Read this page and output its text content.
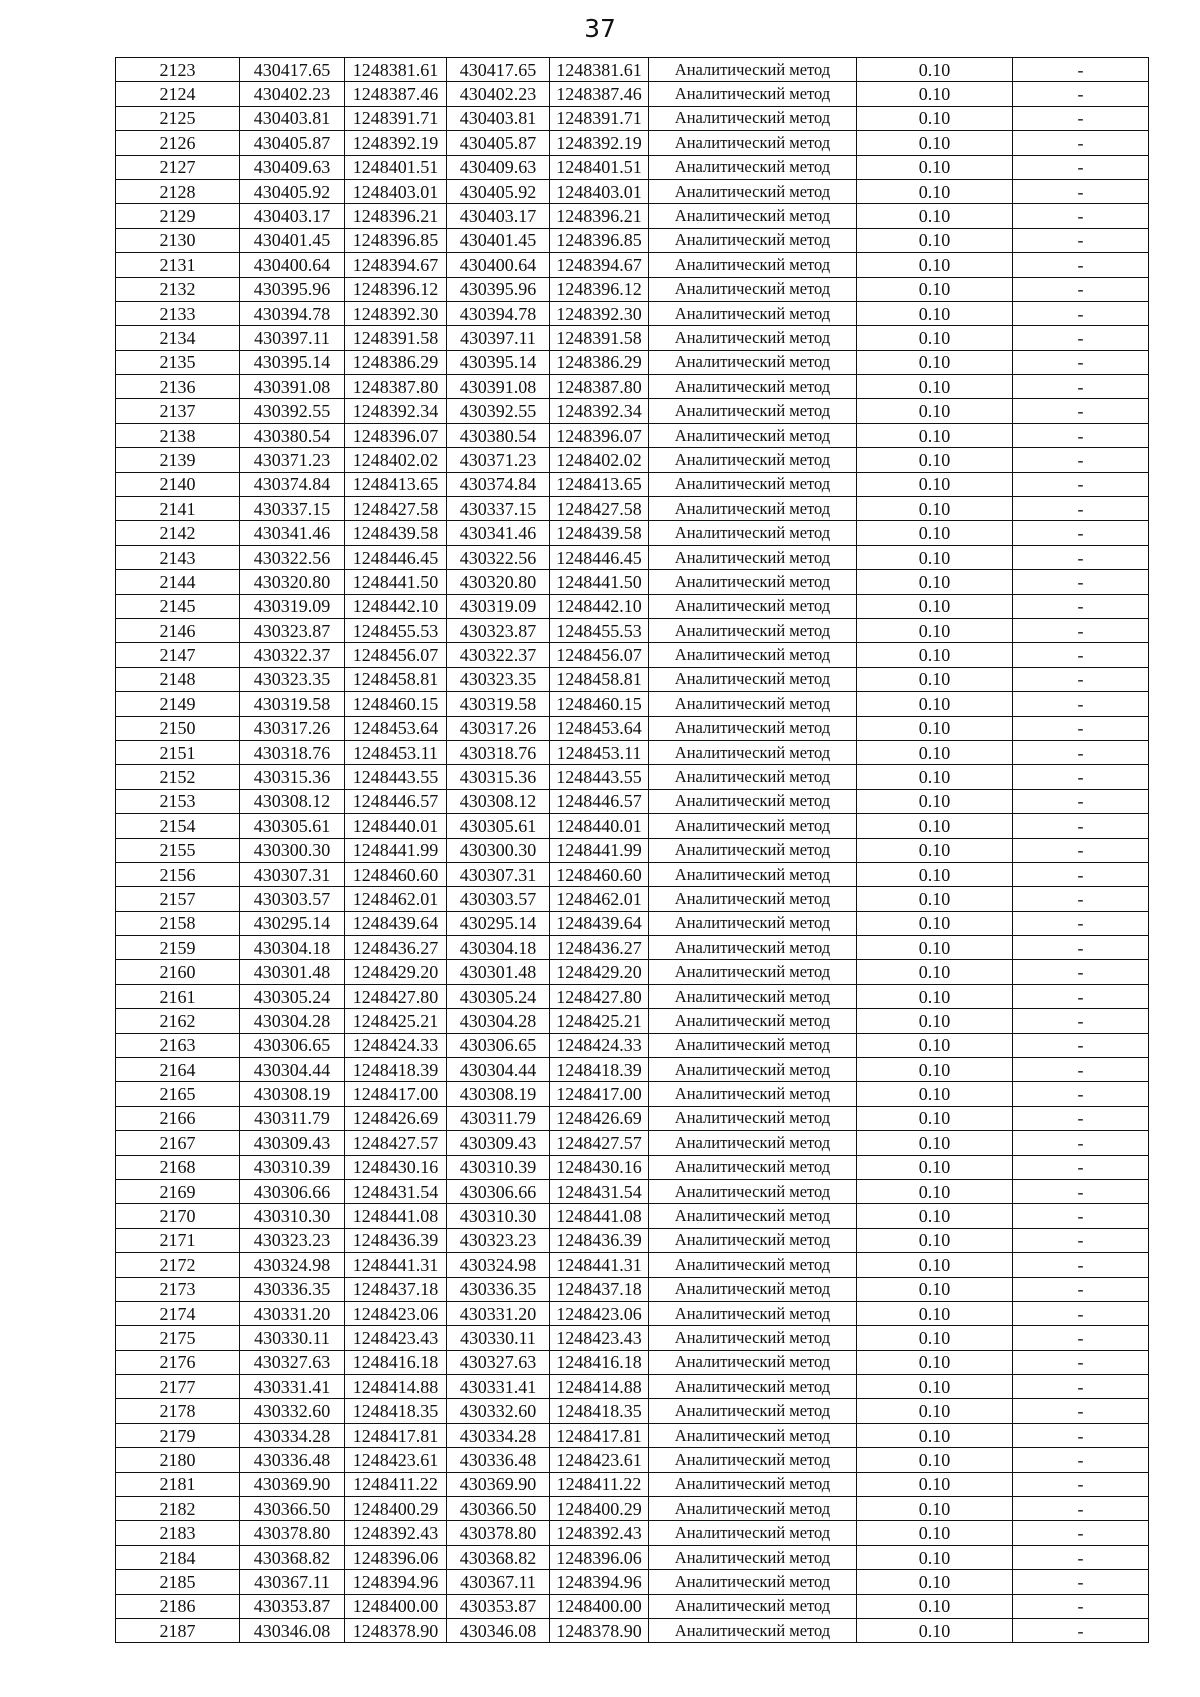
37
2123	430417.65	1248381.61	430417.65	1248381.61	Аналитический метод	0.10	-
2124	430402.23	1248387.46	430402.23	1248387.46	Аналитический метод	0.10	-
2125	430403.81	1248391.71	430403.81	1248391.71	Аналитический метод	0.10	-
2126	430405.87	1248392.19	430405.87	1248392.19	Аналитический метод	0.10	-
2127	430409.63	1248401.51	430409.63	1248401.51	Аналитический метод	0.10	-
2128	430405.92	1248403.01	430405.92	1248403.01	Аналитический метод	0.10	-
2129	430403.17	1248396.21	430403.17	1248396.21	Аналитический метод	0.10	-
2130	430401.45	1248396.85	430401.45	1248396.85	Аналитический метод	0.10	-
2131	430400.64	1248394.67	430400.64	1248394.67	Аналитический метод	0.10	-
2132	430395.96	1248396.12	430395.96	1248396.12	Аналитический метод	0.10	-
2133	430394.78	1248392.30	430394.78	1248392.30	Аналитический метод	0.10	-
2134	430397.11	1248391.58	430397.11	1248391.58	Аналитический метод	0.10	-
2135	430395.14	1248386.29	430395.14	1248386.29	Аналитический метод	0.10	-
2136	430391.08	1248387.80	430391.08	1248387.80	Аналитический метод	0.10	-
2137	430392.55	1248392.34	430392.55	1248392.34	Аналитический метод	0.10	-
2138	430380.54	1248396.07	430380.54	1248396.07	Аналитический метод	0.10	-
2139	430371.23	1248402.02	430371.23	1248402.02	Аналитический метод	0.10	-
2140	430374.84	1248413.65	430374.84	1248413.65	Аналитический метод	0.10	-
2141	430337.15	1248427.58	430337.15	1248427.58	Аналитический метод	0.10	-
2142	430341.46	1248439.58	430341.46	1248439.58	Аналитический метод	0.10	-
2143	430322.56	1248446.45	430322.56	1248446.45	Аналитический метод	0.10	-
2144	430320.80	1248441.50	430320.80	1248441.50	Аналитический метод	0.10	-
2145	430319.09	1248442.10	430319.09	1248442.10	Аналитический метод	0.10	-
2146	430323.87	1248455.53	430323.87	1248455.53	Аналитический метод	0.10	-
2147	430322.37	1248456.07	430322.37	1248456.07	Аналитический метод	0.10	-
2148	430323.35	1248458.81	430323.35	1248458.81	Аналитический метод	0.10	-
2149	430319.58	1248460.15	430319.58	1248460.15	Аналитический метод	0.10	-
2150	430317.26	1248453.64	430317.26	1248453.64	Аналитический метод	0.10	-
2151	430318.76	1248453.11	430318.76	1248453.11	Аналитический метод	0.10	-
2152	430315.36	1248443.55	430315.36	1248443.55	Аналитический метод	0.10	-
2153	430308.12	1248446.57	430308.12	1248446.57	Аналитический метод	0.10	-
2154	430305.61	1248440.01	430305.61	1248440.01	Аналитический метод	0.10	-
2155	430300.30	1248441.99	430300.30	1248441.99	Аналитический метод	0.10	-
2156	430307.31	1248460.60	430307.31	1248460.60	Аналитический метод	0.10	-
2157	430303.57	1248462.01	430303.57	1248462.01	Аналитический метод	0.10	-
2158	430295.14	1248439.64	430295.14	1248439.64	Аналитический метод	0.10	-
2159	430304.18	1248436.27	430304.18	1248436.27	Аналитический метод	0.10	-
2160	430301.48	1248429.20	430301.48	1248429.20	Аналитический метод	0.10	-
2161	430305.24	1248427.80	430305.24	1248427.80	Аналитический метод	0.10	-
2162	430304.28	1248425.21	430304.28	1248425.21	Аналитический метод	0.10	-
2163	430306.65	1248424.33	430306.65	1248424.33	Аналитический метод	0.10	-
2164	430304.44	1248418.39	430304.44	1248418.39	Аналитический метод	0.10	-
2165	430308.19	1248417.00	430308.19	1248417.00	Аналитический метод	0.10	-
2166	430311.79	1248426.69	430311.79	1248426.69	Аналитический метод	0.10	-
2167	430309.43	1248427.57	430309.43	1248427.57	Аналитический метод	0.10	-
2168	430310.39	1248430.16	430310.39	1248430.16	Аналитический метод	0.10	-
2169	430306.66	1248431.54	430306.66	1248431.54	Аналитический метод	0.10	-
2170	430310.30	1248441.08	430310.30	1248441.08	Аналитический метод	0.10	-
2171	430323.23	1248436.39	430323.23	1248436.39	Аналитический метод	0.10	-
2172	430324.98	1248441.31	430324.98	1248441.31	Аналитический метод	0.10	-
2173	430336.35	1248437.18	430336.35	1248437.18	Аналитический метод	0.10	-
2174	430331.20	1248423.06	430331.20	1248423.06	Аналитический метод	0.10	-
2175	430330.11	1248423.43	430330.11	1248423.43	Аналитический метод	0.10	-
2176	430327.63	1248416.18	430327.63	1248416.18	Аналитический метод	0.10	-
2177	430331.41	1248414.88	430331.41	1248414.88	Аналитический метод	0.10	-
2178	430332.60	1248418.35	430332.60	1248418.35	Аналитический метод	0.10	-
2179	430334.28	1248417.81	430334.28	1248417.81	Аналитический метод	0.10	-
2180	430336.48	1248423.61	430336.48	1248423.61	Аналитический метод	0.10	-
2181	430369.90	1248411.22	430369.90	1248411.22	Аналитический метод	0.10	-
2182	430366.50	1248400.29	430366.50	1248400.29	Аналитический метод	0.10	-
2183	430378.80	1248392.43	430378.80	1248392.43	Аналитический метод	0.10	-
2184	430368.82	1248396.06	430368.82	1248396.06	Аналитический метод	0.10	-
2185	430367.11	1248394.96	430367.11	1248394.96	Аналитический метод	0.10	-
2186	430353.87	1248400.00	430353.87	1248400.00	Аналитический метод	0.10	-
2187	430346.08	1248378.90	430346.08	1248378.90	Аналитический метод	0.10	-
